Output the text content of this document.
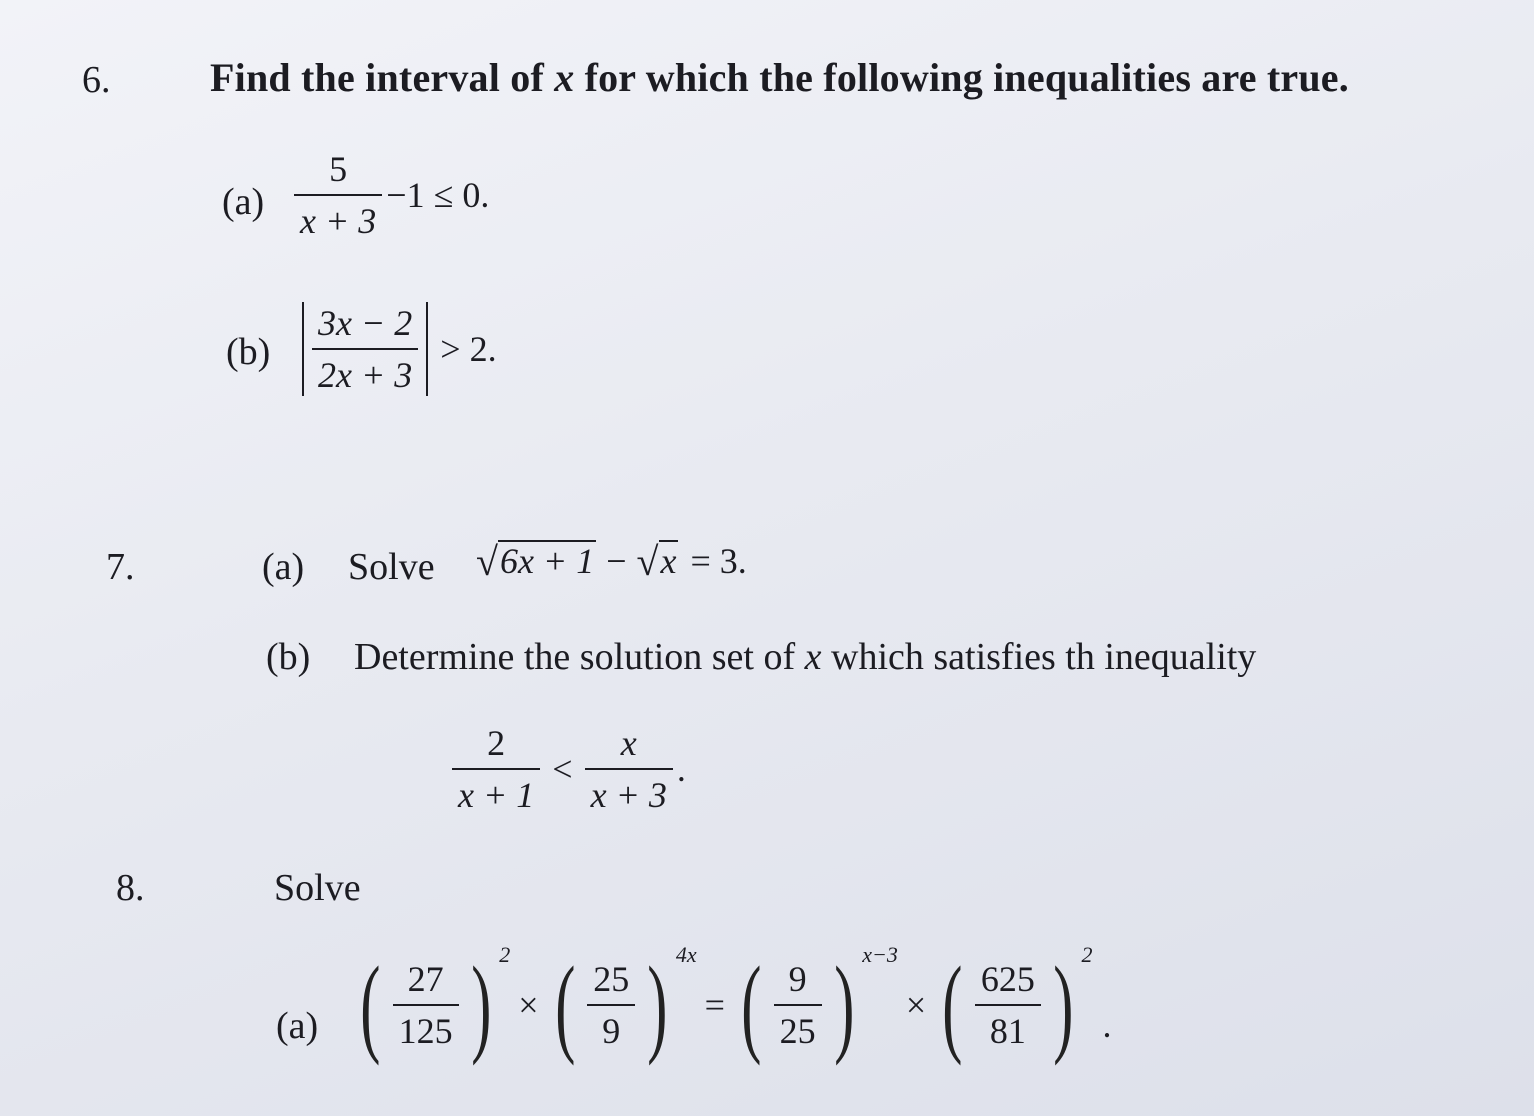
6. Find the interval of x for which the following inequalities are true.
$(a) \frac{5}{x + 3} -1 \le 0$.
$(b) \frac{3x - 2}{2x + 3} > 2$.
7.	(a) Solve √ 6x + 1 − √ x = 3.
(b) Determine the solution set of x which satisfies th inequality
$\frac{2}{x + 1} < \frac{x}{x + 3}$ .
8.	Solve
(a) ( $\frac{27}{125}$ ) 2
× ( $\frac{25}{9}$ ) 4x
= ( $\frac{9}{25}$ ) x−3
× ( $\frac{625}{81}$ ) 2
.
